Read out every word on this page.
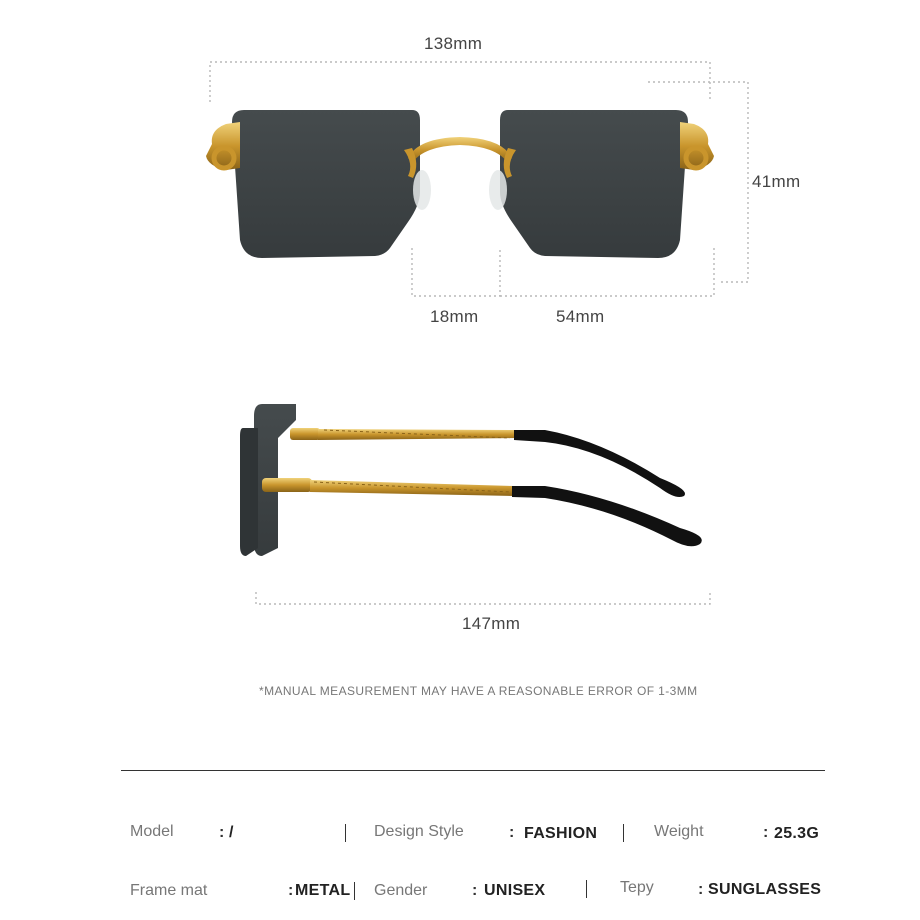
138mm
41mm
18mm	54mm
147mm
*MANUAL MEASUREMENT MAY HAVE A REASONABLE ERROR OF 1-3MM
Model	: /	Design Style	: FASHION	Weight	: 25.3G
Frame mat	: METAL Gender	: UNISEX	Tepy	: SUNGLASSES
